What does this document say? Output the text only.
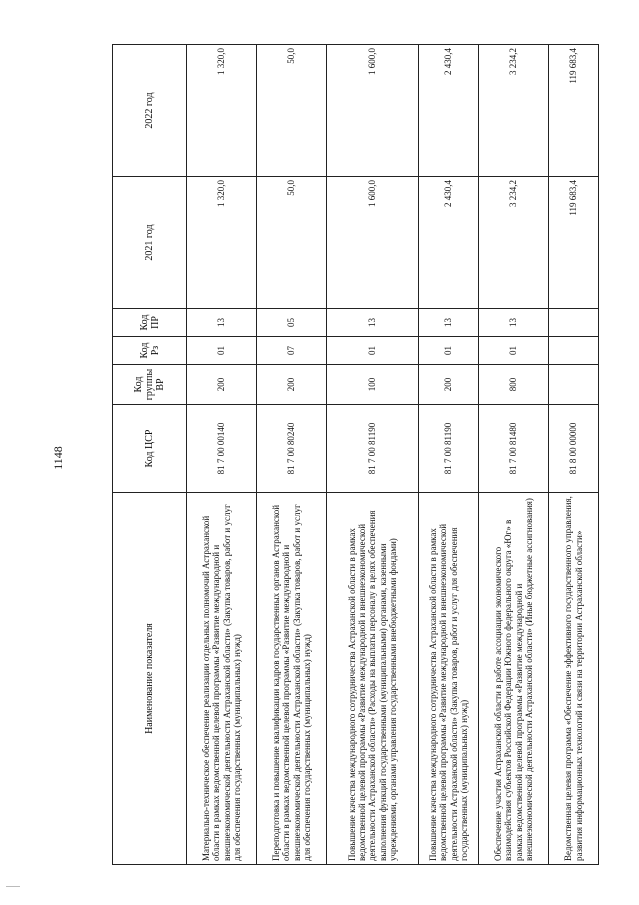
1148
Наименование показателя	Код ЦСР	Код группы ВР	Код Рз	Код ПР	2021 год	2022 год
Материально-техническое обеспечение реализации отдельных полномочий Астраханской области в рамках ведомственной целевой программы «Развитие международной и внешнеэкономической деятельности Астраханской области» (Закупка товаров, работ и услуг для обеспечения государственных (муниципальных) нужд)	81 7 00 00140	200	01	13	1 320,0	1 320,0
Переподготовка и повышение квалификации кадров государственных органов Астраханской области в рамках ведомственной целевой программы «Развитие международной и внешнеэкономической деятельности Астраханской области» (Закупка товаров, работ и услуг для обеспечения государственных (муниципальных) нужд)	81 7 00 80240	200	07	05	50,0	50,0
Повышение качества международного сотрудничества Астраханской области в рамках ведомственной целевой программы «Развитие международной и внешнеэкономической деятельности Астраханской области» (Расходы на выплаты персоналу в целях обеспечения выполнения функций государственными (муниципальными) органами, казенными учреждениями, органами управления государственными внебюджетными фондами)	81 7 00 81190	100	01	13	1 600,0	1 600,0
Повышение качества международного сотрудничества Астраханской области в рамках ведомственной целевой программы «Развитие международной и внешнеэкономической деятельности Астраханской области» (Закупка товаров, работ и услуг для обеспечения государственных (муниципальных) нужд)	81 7 00 81190	200	01	13	2 430,4	2 430,4
Обеспечение участия Астраханской области в работе ассоциации экономического взаимодействия субъектов Российской Федерации Южного федерального округа «Юг» в рамках ведомственной целевой программы «Развитие международной и внешнеэкономической деятельности Астраханской области» (Иные бюджетные ассигнования)	81 7 00 81480	800	01	13	3 234,2	3 234,2
Ведомственная целевая программа «Обеспечение эффективного государственного управления, развития информационных технологий и связи на территории Астраханской области»	81 8 00 00000				119 683,4	119 683,4
